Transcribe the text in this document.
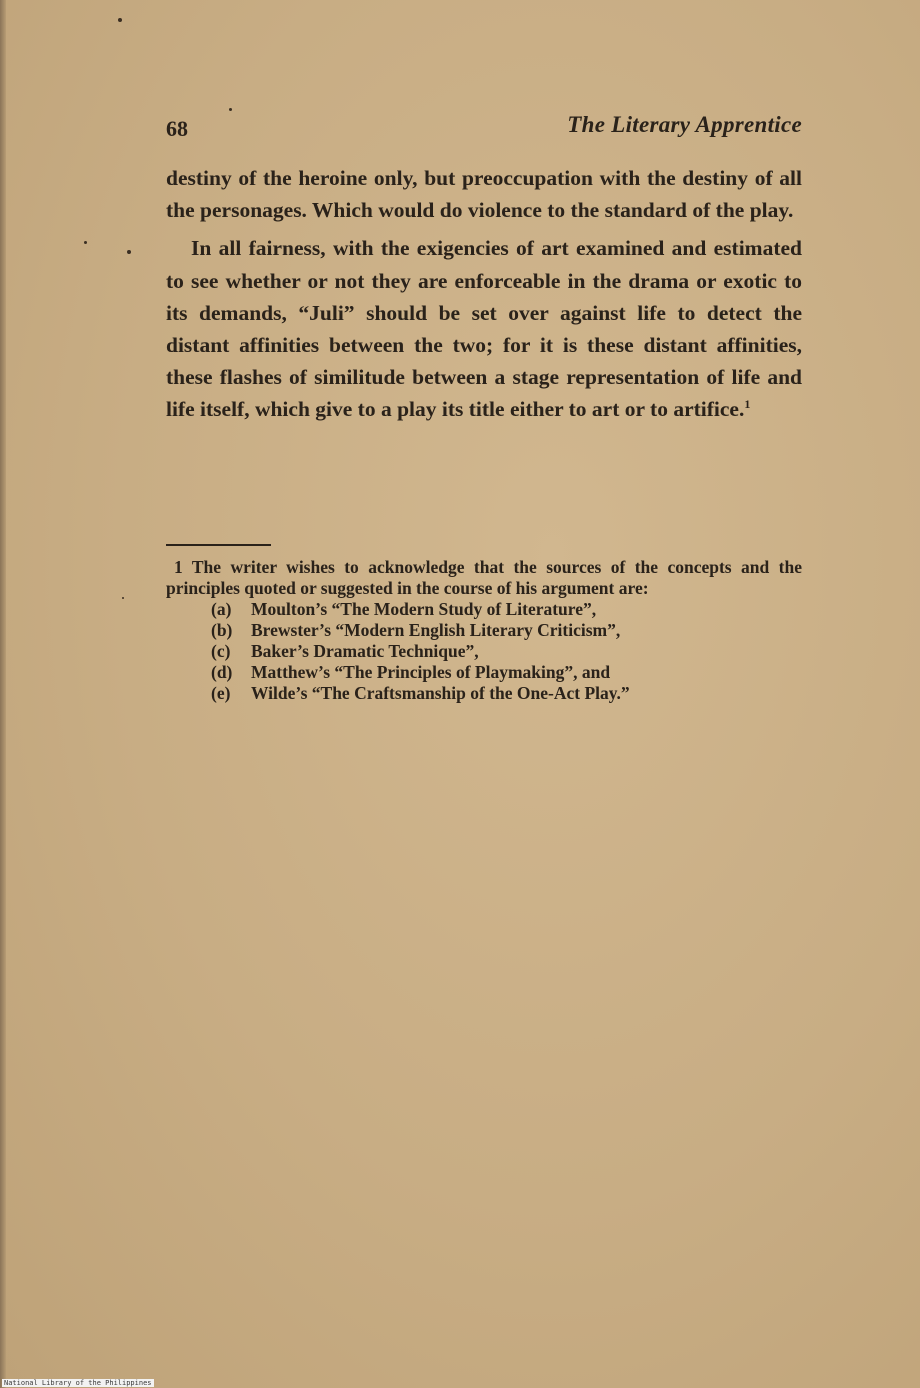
68	The Literary Apprentice

destiny of the heroine only, but preoccupation with the destiny of all the personages. Which would do violence to the standard of the play.

In all fairness, with the exigencies of art examined and estimated to see whether or not they are enforceable in the drama or exotic to its demands, “Juli” should be set over against life to detect the distant affinities between the two; for it is these distant affinities, these flashes of similitude between a stage representation of life and life itself, which give to a play its title either to art or to artifice.$^1$

1 The writer wishes to acknowledge that the sources of the concepts and the principles quoted or suggested in the course of his argument are:

(a) Moulton’s “The Modern Study of Literature”,
(b) Brewster’s “Modern English Literary Criticism”,
(c) Baker’s Dramatic Technique”,
(d) Matthew’s “The Principles of Playmaking”, and
(e) Wilde’s “The Craftsmanship of the One-Act Play.”
National Library of the Philippines
